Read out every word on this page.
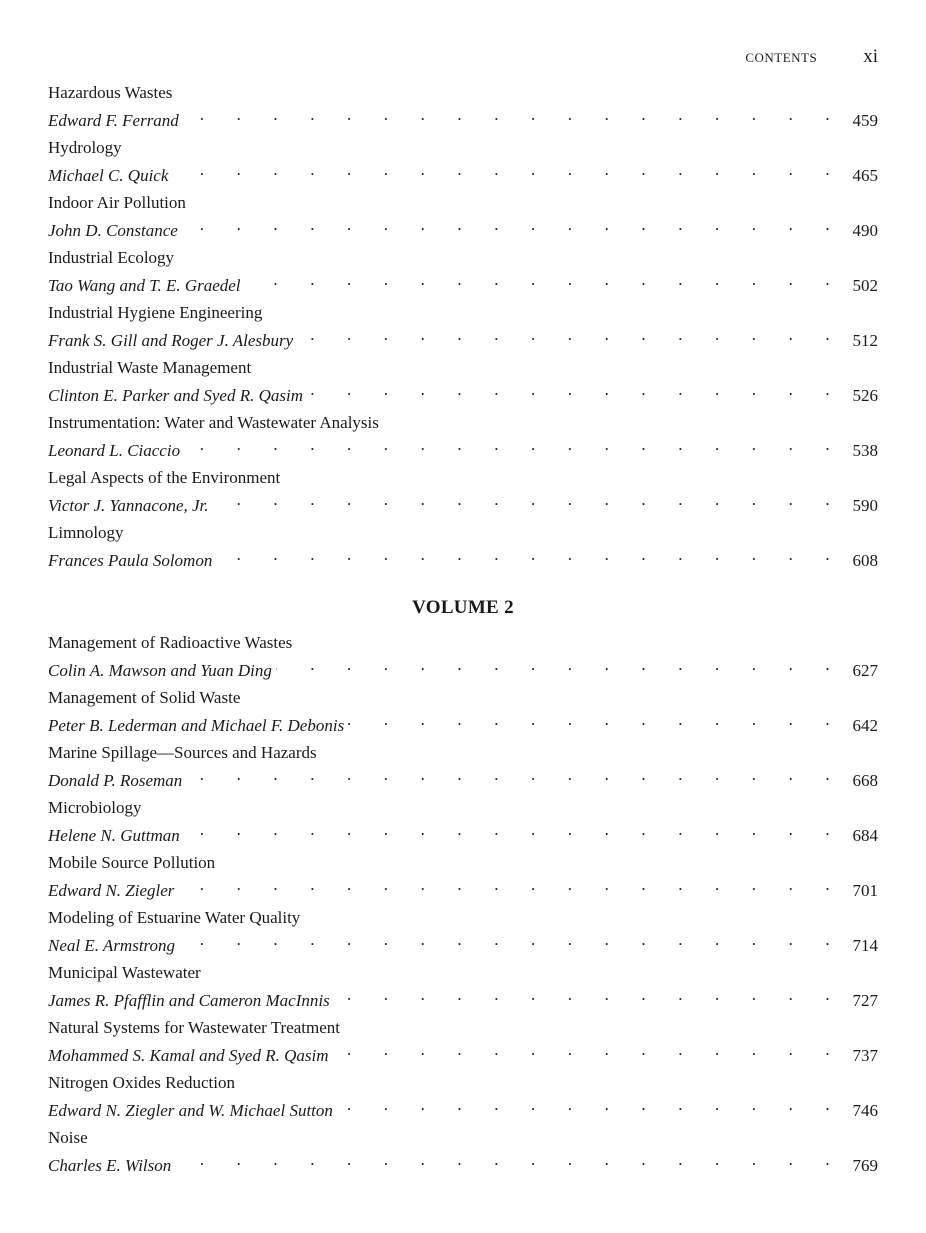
CONTENTS xi
Hazardous Wastes
Edward F. Ferrand .	459
Hydrology
Michael C. Quick .	465
Indoor Air Pollution
John D. Constance .	490
Industrial Ecology
Tao Wang and T. E. Graedel .	502
Industrial Hygiene Engineering
Frank S. Gill and Roger J. Alesbury .	512
Industrial Waste Management
Clinton E. Parker and Syed R. Qasim .	526
Instrumentation: Water and Wastewater Analysis
Leonard L. Ciaccio .	538
Legal Aspects of the Environment
Victor J. Yannacone, Jr. .	590
Limnology
Frances Paula Solomon .	608
VOLUME 2
Management of Radioactive Wastes
Colin A. Mawson and Yuan Ding .	627
Management of Solid Waste
Peter B. Lederman and Michael F. Debonis .	642
Marine Spillage—Sources and Hazards
Donald P. Roseman .	668
Microbiology
Helene N. Guttman .	684
Mobile Source Pollution
Edward N. Ziegler .	701
Modeling of Estuarine Water Quality
Neal E. Armstrong .	714
Municipal Wastewater
James R. Pfafflin and Cameron MacInnis .	727
Natural Systems for Wastewater Treatment
Mohammed S. Kamal and Syed R. Qasim .	737
Nitrogen Oxides Reduction
Edward N. Ziegler and W. Michael Sutton .	746
Noise
Charles E. Wilson .	769
